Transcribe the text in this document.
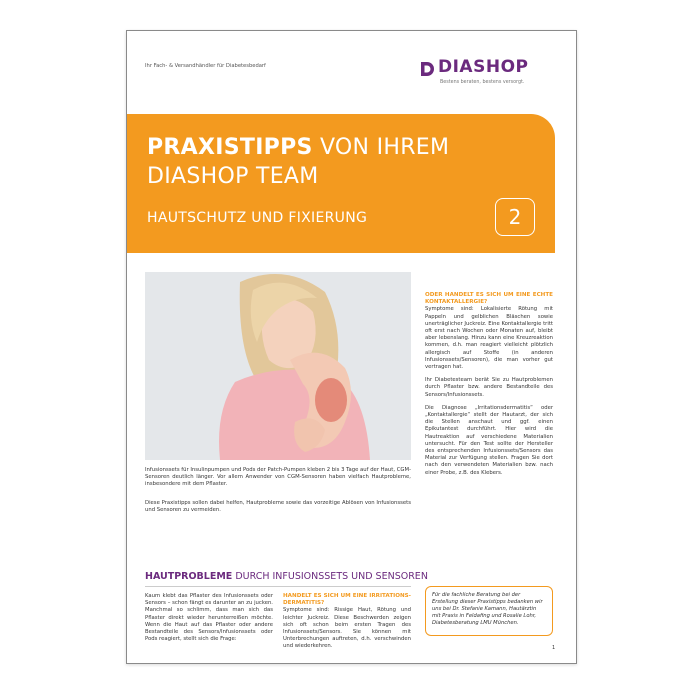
Ihr Fach- & Versandhändler für Diabetesbedarf	DIASHOP
Bestens beraten, bestens versorgt.
PRAXISTIPPS VON IHREM
DIASHOP TEAM
HAUTSCHUTZ UND FIXIERUNG	2
Infusionssets für Insulinpumpen und Pods der Patch-Pumpen kleben 2 bis 3 Tage auf der Haut, CGM-Sensoren deutlich länger. Vor allem Anwender von CGM-Sensoren haben vielfach Hautprobleme, insbesondere mit dem Pflaster.
Diese Praxistipps sollen dabei helfen, Hautprobleme sowie das vorzeitige Ablösen von Infusionssets und Sensoren zu vermeiden.
HAUTPROBLEME DURCH INFUSIONSSETS UND SENSOREN
Kaum klebt das Pflaster des Infusionssets oder Sensors – schon fängt es darunter an zu jucken. Manchmal so schlimm, dass man sich das Pflaster direkt wieder herunterreißen möchte. Wenn die Haut auf das Pflaster oder andere Bestandteile des Sensors/Infusionssets oder Pods reagiert, stellt sich die Frage:
HANDELT ES SICH UM EINE IRRITATIONS-DERMATITIS?
Symptome sind: Rissige Haut, Rötung und leichter Juckreiz. Diese Beschwerden zeigen sich oft schon beim ersten Tragen des Infusionssets/Sensors. Sie können mit Unterbrechungen auftreten, d.h. verschwinden und wiederkehren.
ODER HANDELT ES SICH UM EINE ECHTE KONTAKTALLERGIE?
Symptome sind: Lokalisierte Rötung mit Pappeln und gelblichen Bläschen sowie unerträglicher Juckreiz. Eine Kontaktallergie tritt oft erst nach Wochen oder Monaten auf, bleibt aber lebenslang. Hinzu kann eine Kreuzreaktion kommen, d.h. man reagiert vielleicht plötzlich allergisch auf Stoffe (in anderen Infusionssets/Sensoren), die man vorher gut vertragen hat.
Ihr Diabetesteam berät Sie zu Hautproblemen durch Pflaster bzw. andere Bestandteile des Sensors/Infusionssets.
Die Diagnose „Irritationsdermatitis“ oder „Kontaktallergie“ stellt der Hautarzt, der sich die Stellen anschaut und ggf. einen Epikutantest durchführt. Hier wird die Hautreaktion auf verschiedene Materialien untersucht. Für den Test sollte der Hersteller des entsprechenden Infusionssets/Sensors das Material zur Verfügung stellen. Fragen Sie dort nach den verwendeten Materialien bzw. nach einer Probe, z.B. des Klebers.
Für die fachliche Beratung bei der Erstellung dieser Praxistipps bedanken wir uns bei Dr. Stefanie Kamann, Hautärztin mit Praxis in Feldafing und Rosalie Lohr, Diabetesberatung LMU München.
1
